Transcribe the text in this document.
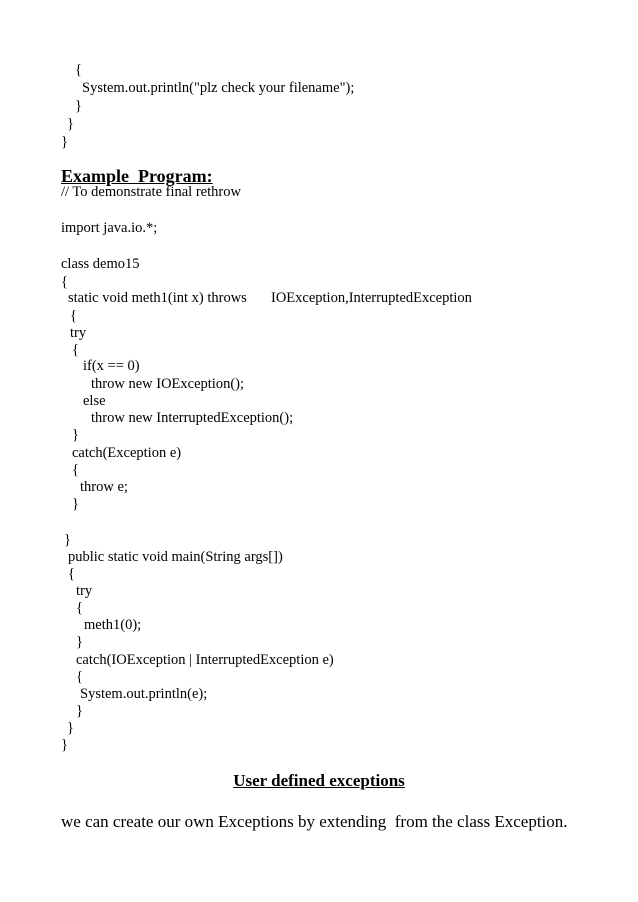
{
System.out.println("plz check your filename");
}
}
}
Example  Program:
// To demonstrate final rethrow
import java.io.*;
class demo15
{
static void meth1(int x) throws IOException,InterruptedException
{
try
{
if(x == 0)
throw new IOException();
else
throw new InterruptedException();
}
catch(Exception e)
{
throw e;
}
}
public static void main(String args[])
{
try
{
meth1(0);
}
catch(IOException | InterruptedException e)
{
System.out.println(e);
}
}
}
User defined exceptions
we can create our own Exceptions by extending  from the class Exception.
